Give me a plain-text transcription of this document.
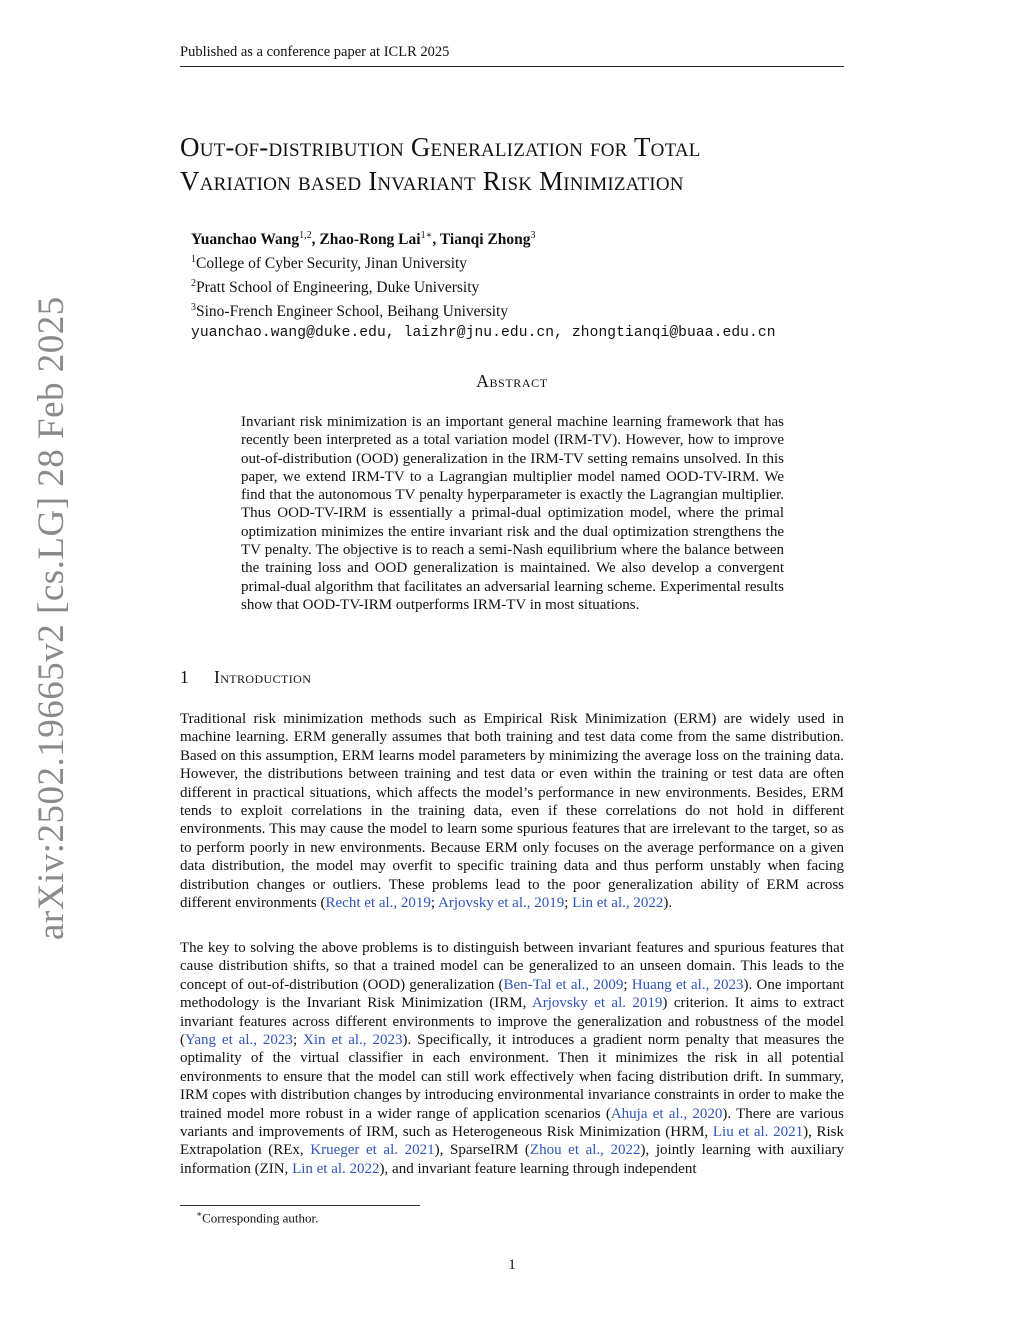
Published as a conference paper at ICLR 2025
Out-of-distribution Generalization for Total
Variation based Invariant Risk Minimization
Yuanchao Wang$^{1,2}$, Zhao-Rong Lai$^{1∗}$, Tianqi Zhong$^3$
$^1$College of Cyber Security, Jinan University
$^2$Pratt School of Engineering, Duke University
$^3$Sino-French Engineer School, Beihang University
yuanchao.wang@duke.edu, laizhr@jnu.edu.cn, zhongtianqi@buaa.edu.cn
arXiv:2502.19665v2 [cs.LG] 28 Feb 2025	Abstract
Invariant risk minimization is an important general machine learning framework that has recently been interpreted as a total variation model (IRM-TV). However, how to improve out-of-distribution (OOD) generalization in the IRM-TV setting remains unsolved. In this paper, we extend IRM-TV to a Lagrangian multiplier model named OOD-TV-IRM. We find that the autonomous TV penalty hyperparameter is exactly the Lagrangian multiplier. Thus OOD-TV-IRM is essentially a primal-dual optimization model, where the primal optimization minimizes the entire invariant risk and the dual optimization strengthens the TV penalty. The objective is to reach a semi-Nash equilibrium where the balance between the training loss and OOD generalization is maintained. We also develop a convergent primal-dual algorithm that facilitates an adversarial learning scheme. Experimental results show that OOD-TV-IRM outperforms IRM-TV in most situations.
1 Introduction
Traditional risk minimization methods such as Empirical Risk Minimization (ERM) are widely used in machine learning. ERM generally assumes that both training and test data come from the same distribution. Based on this assumption, ERM learns model parameters by minimizing the average loss on the training data. However, the distributions between training and test data or even within the training or test data are often different in practical situations, which affects the model’s performance in new environments. Besides, ERM tends to exploit correlations in the training data, even if these correlations do not hold in different environments. This may cause the model to learn some spurious features that are irrelevant to the target, so as to perform poorly in new environments. Because ERM only focuses on the average performance on a given data distribution, the model may overfit to specific training data and thus perform unstably when facing distribution changes or outliers. These problems lead to the poor generalization ability of ERM across different environments (Recht et al., 2019; Arjovsky et al., 2019; Lin et al., 2022).
The key to solving the above problems is to distinguish between invariant features and spurious features that cause distribution shifts, so that a trained model can be generalized to an unseen domain. This leads to the concept of out-of-distribution (OOD) generalization (Ben-Tal et al., 2009; Huang et al., 2023). One important methodology is the Invariant Risk Minimization (IRM, Arjovsky et al. 2019) criterion. It aims to extract invariant features across different environments to improve the generalization and robustness of the model (Yang et al., 2023; Xin et al., 2023). Specifically, it introduces a gradient norm penalty that measures the optimality of the virtual classifier in each environment. Then it minimizes the risk in all potential environments to ensure that the model can still work effectively when facing distribution drift. In summary, IRM copes with distribution changes by introducing environmental invariance constraints in order to make the trained model more robust in a wider range of application scenarios (Ahuja et al., 2020). There are various variants and improvements of IRM, such as Heterogeneous Risk Minimization (HRM, Liu et al. 2021), Risk Extrapolation (REx, Krueger et al. 2021), SparseIRM (Zhou et al., 2022), jointly learning with auxiliary information (ZIN, Lin et al. 2022), and invariant feature learning through independent
∗Corresponding author.
1
